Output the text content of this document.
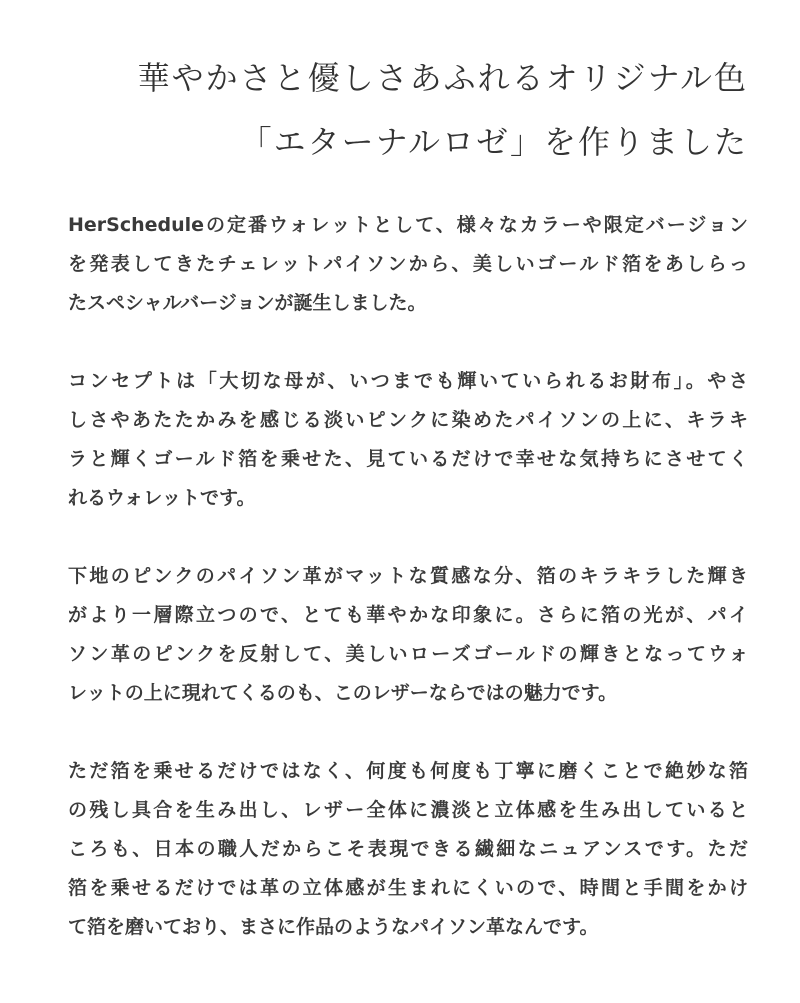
華やかさと優しさあふれるオリジナル色
「エターナルロゼ」を作りました
HerScheduleの定番ウォレットとして、様々なカラーや限定バージョン
を発表してきたチェレットパイソンから、美しいゴールド箔をあしらっ
たスペシャルバージョンが誕生しました。
コンセプトは「大切な母が、いつまでも輝いていられるお財布」。やさ
しさやあたたかみを感じる淡いピンクに染めたパイソンの上に、キラキ
ラと輝くゴールド箔を乗せた、見ているだけで幸せな気持ちにさせてく
れるウォレットです。
下地のピンクのパイソン革がマットな質感な分、箔のキラキラした輝き
がより一層際立つので、とても華やかな印象に。さらに箔の光が、パイ
ソン革のピンクを反射して、美しいローズゴールドの輝きとなってウォ
レットの上に現れてくるのも、このレザーならではの魅力です。
ただ箔を乗せるだけではなく、何度も何度も丁寧に磨くことで絶妙な箔
の残し具合を生み出し、レザー全体に濃淡と立体感を生み出していると
ころも、日本の職人だからこそ表現できる繊細なニュアンスです。ただ
箔を乗せるだけでは革の立体感が生まれにくいので、時間と手間をかけ
て箔を磨いており、まさに作品のようなパイソン革なんです。
